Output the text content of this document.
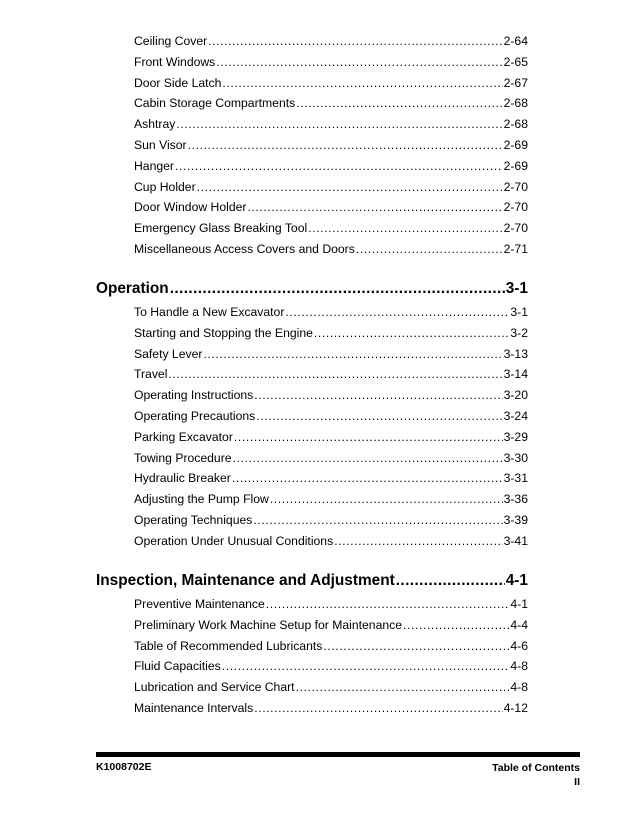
Ceiling Cover .....	2-64
Front Windows .....	2-65
Door Side Latch .....	2-67
Cabin Storage Compartments .....	2-68
Ashtray .....	2-68
Sun Visor .....	2-69
Hanger .....	2-69
Cup Holder .....	2-70
Door Window Holder .....	2-70
Emergency Glass Breaking Tool .....	2-70
Miscellaneous Access Covers and Doors .....	2-71
Operation .....	3-1
To Handle a New Excavator .....	3-1
Starting and Stopping the Engine .....	3-2
Safety Lever .....	3-13
Travel .....	3-14
Operating Instructions .....	3-20
Operating Precautions .....	3-24
Parking Excavator .....	3-29
Towing Procedure .....	3-30
Hydraulic Breaker .....	3-31
Adjusting the Pump Flow .....	3-36
Operating Techniques .....	3-39
Operation Under Unusual Conditions .....	3-41
Inspection, Maintenance and Adjustment .....	4-1
Preventive Maintenance .....	4-1
Preliminary Work Machine Setup for Maintenance .....	4-4
Table of Recommended Lubricants .....	4-6
Fluid Capacities .....	4-8
Lubrication and Service Chart .....	4-8
Maintenance Intervals .....	4-12
K1008702E	Table of Contents
II
